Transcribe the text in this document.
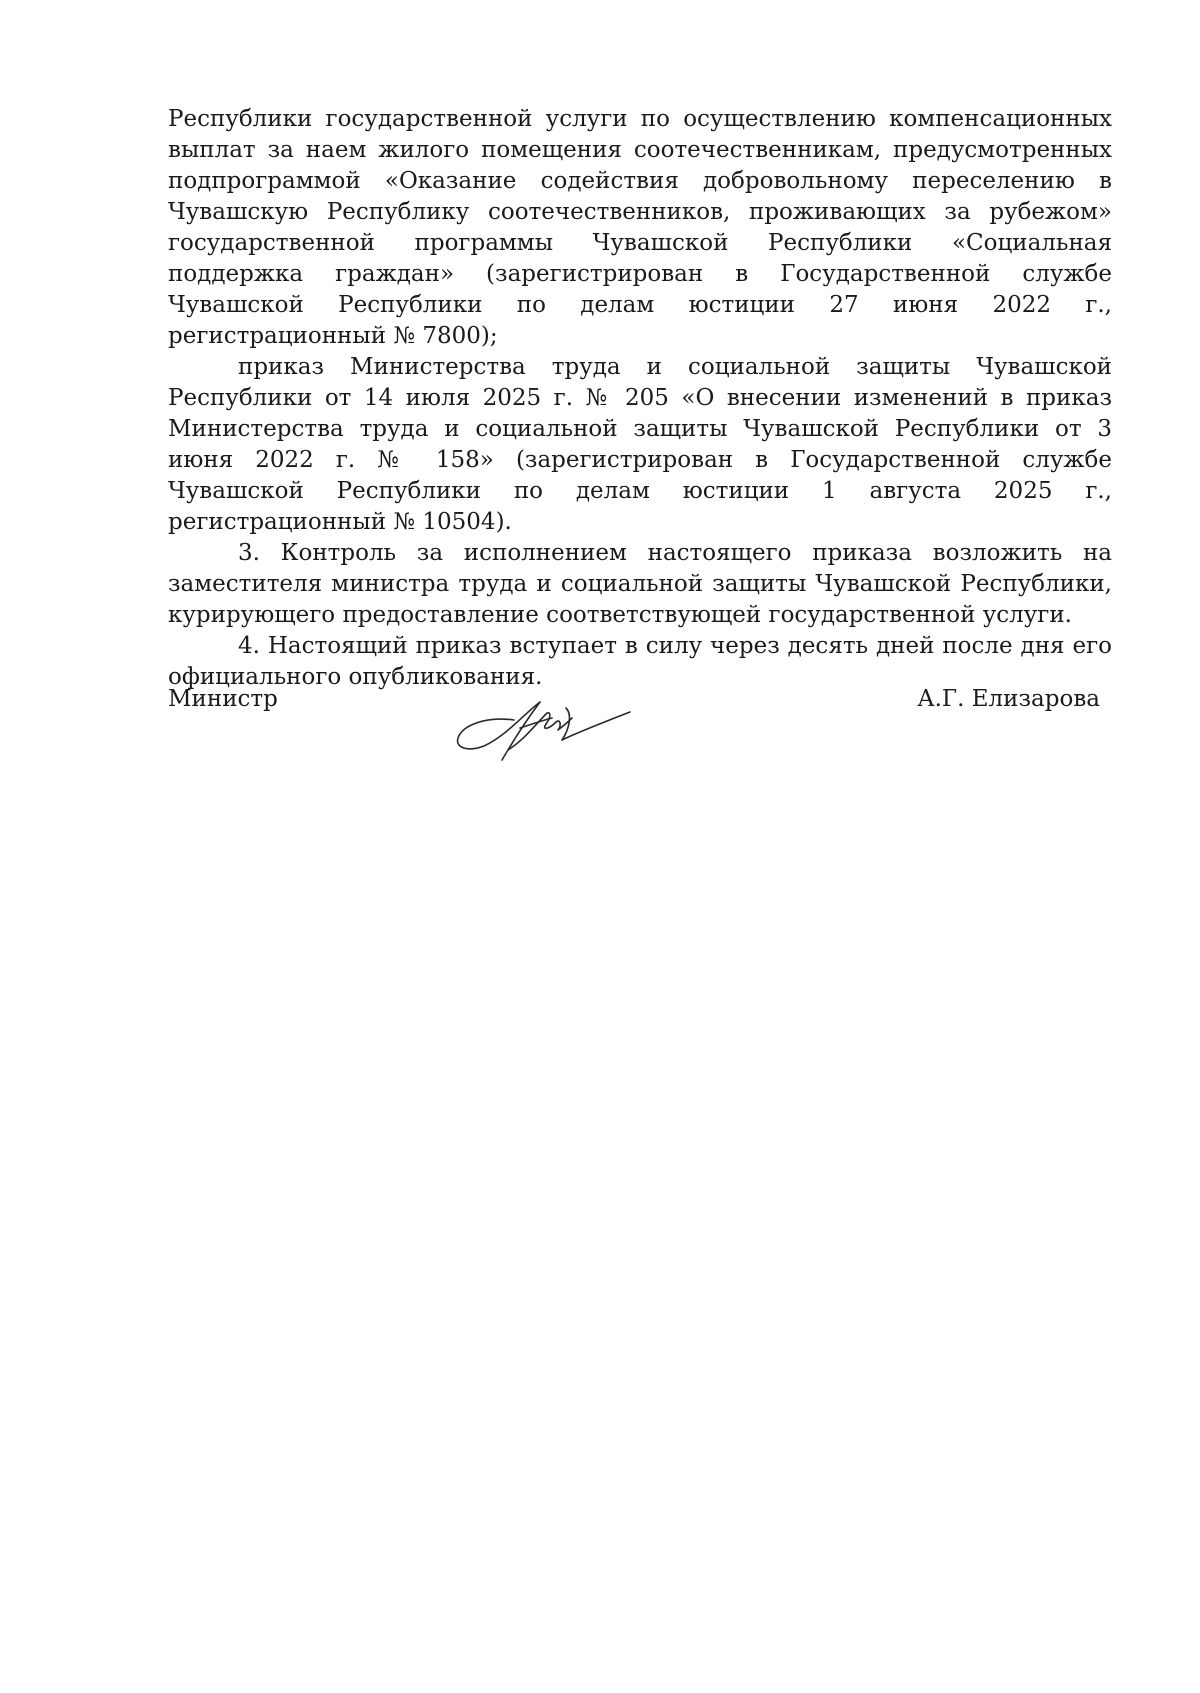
Республики государственной услуги по осуществлению компенсационных выплат за наем жилого помещения соотечественникам, предусмотренных подпрограммой «Оказание содействия добровольному переселению в Чувашскую Республику соотечественников, проживающих за рубежом» государственной программы Чувашской Республики «Социальная поддержка граждан» (зарегистрирован в Государственной службе Чувашской Республики по делам юстиции 27 июня 2022 г., регистрационный № 7800);

приказ Министерства труда и социальной защиты Чувашской Республики от 14 июля 2025 г. № 205 «О внесении изменений в приказ Министерства труда и социальной защиты Чувашской Республики от 3 июня 2022 г. № 158» (зарегистрирован в Государственной службе Чувашской Республики по делам юстиции 1 августа 2025 г., регистрационный № 10504).

3. Контроль за исполнением настоящего приказа возложить на заместителя министра труда и социальной защиты Чувашской Республики, курирующего предоставление соответствующей государственной услуги.

4. Настоящий приказ вступает в силу через десять дней после дня его официального опубликования.

Министр	А.Г. Елизарова
